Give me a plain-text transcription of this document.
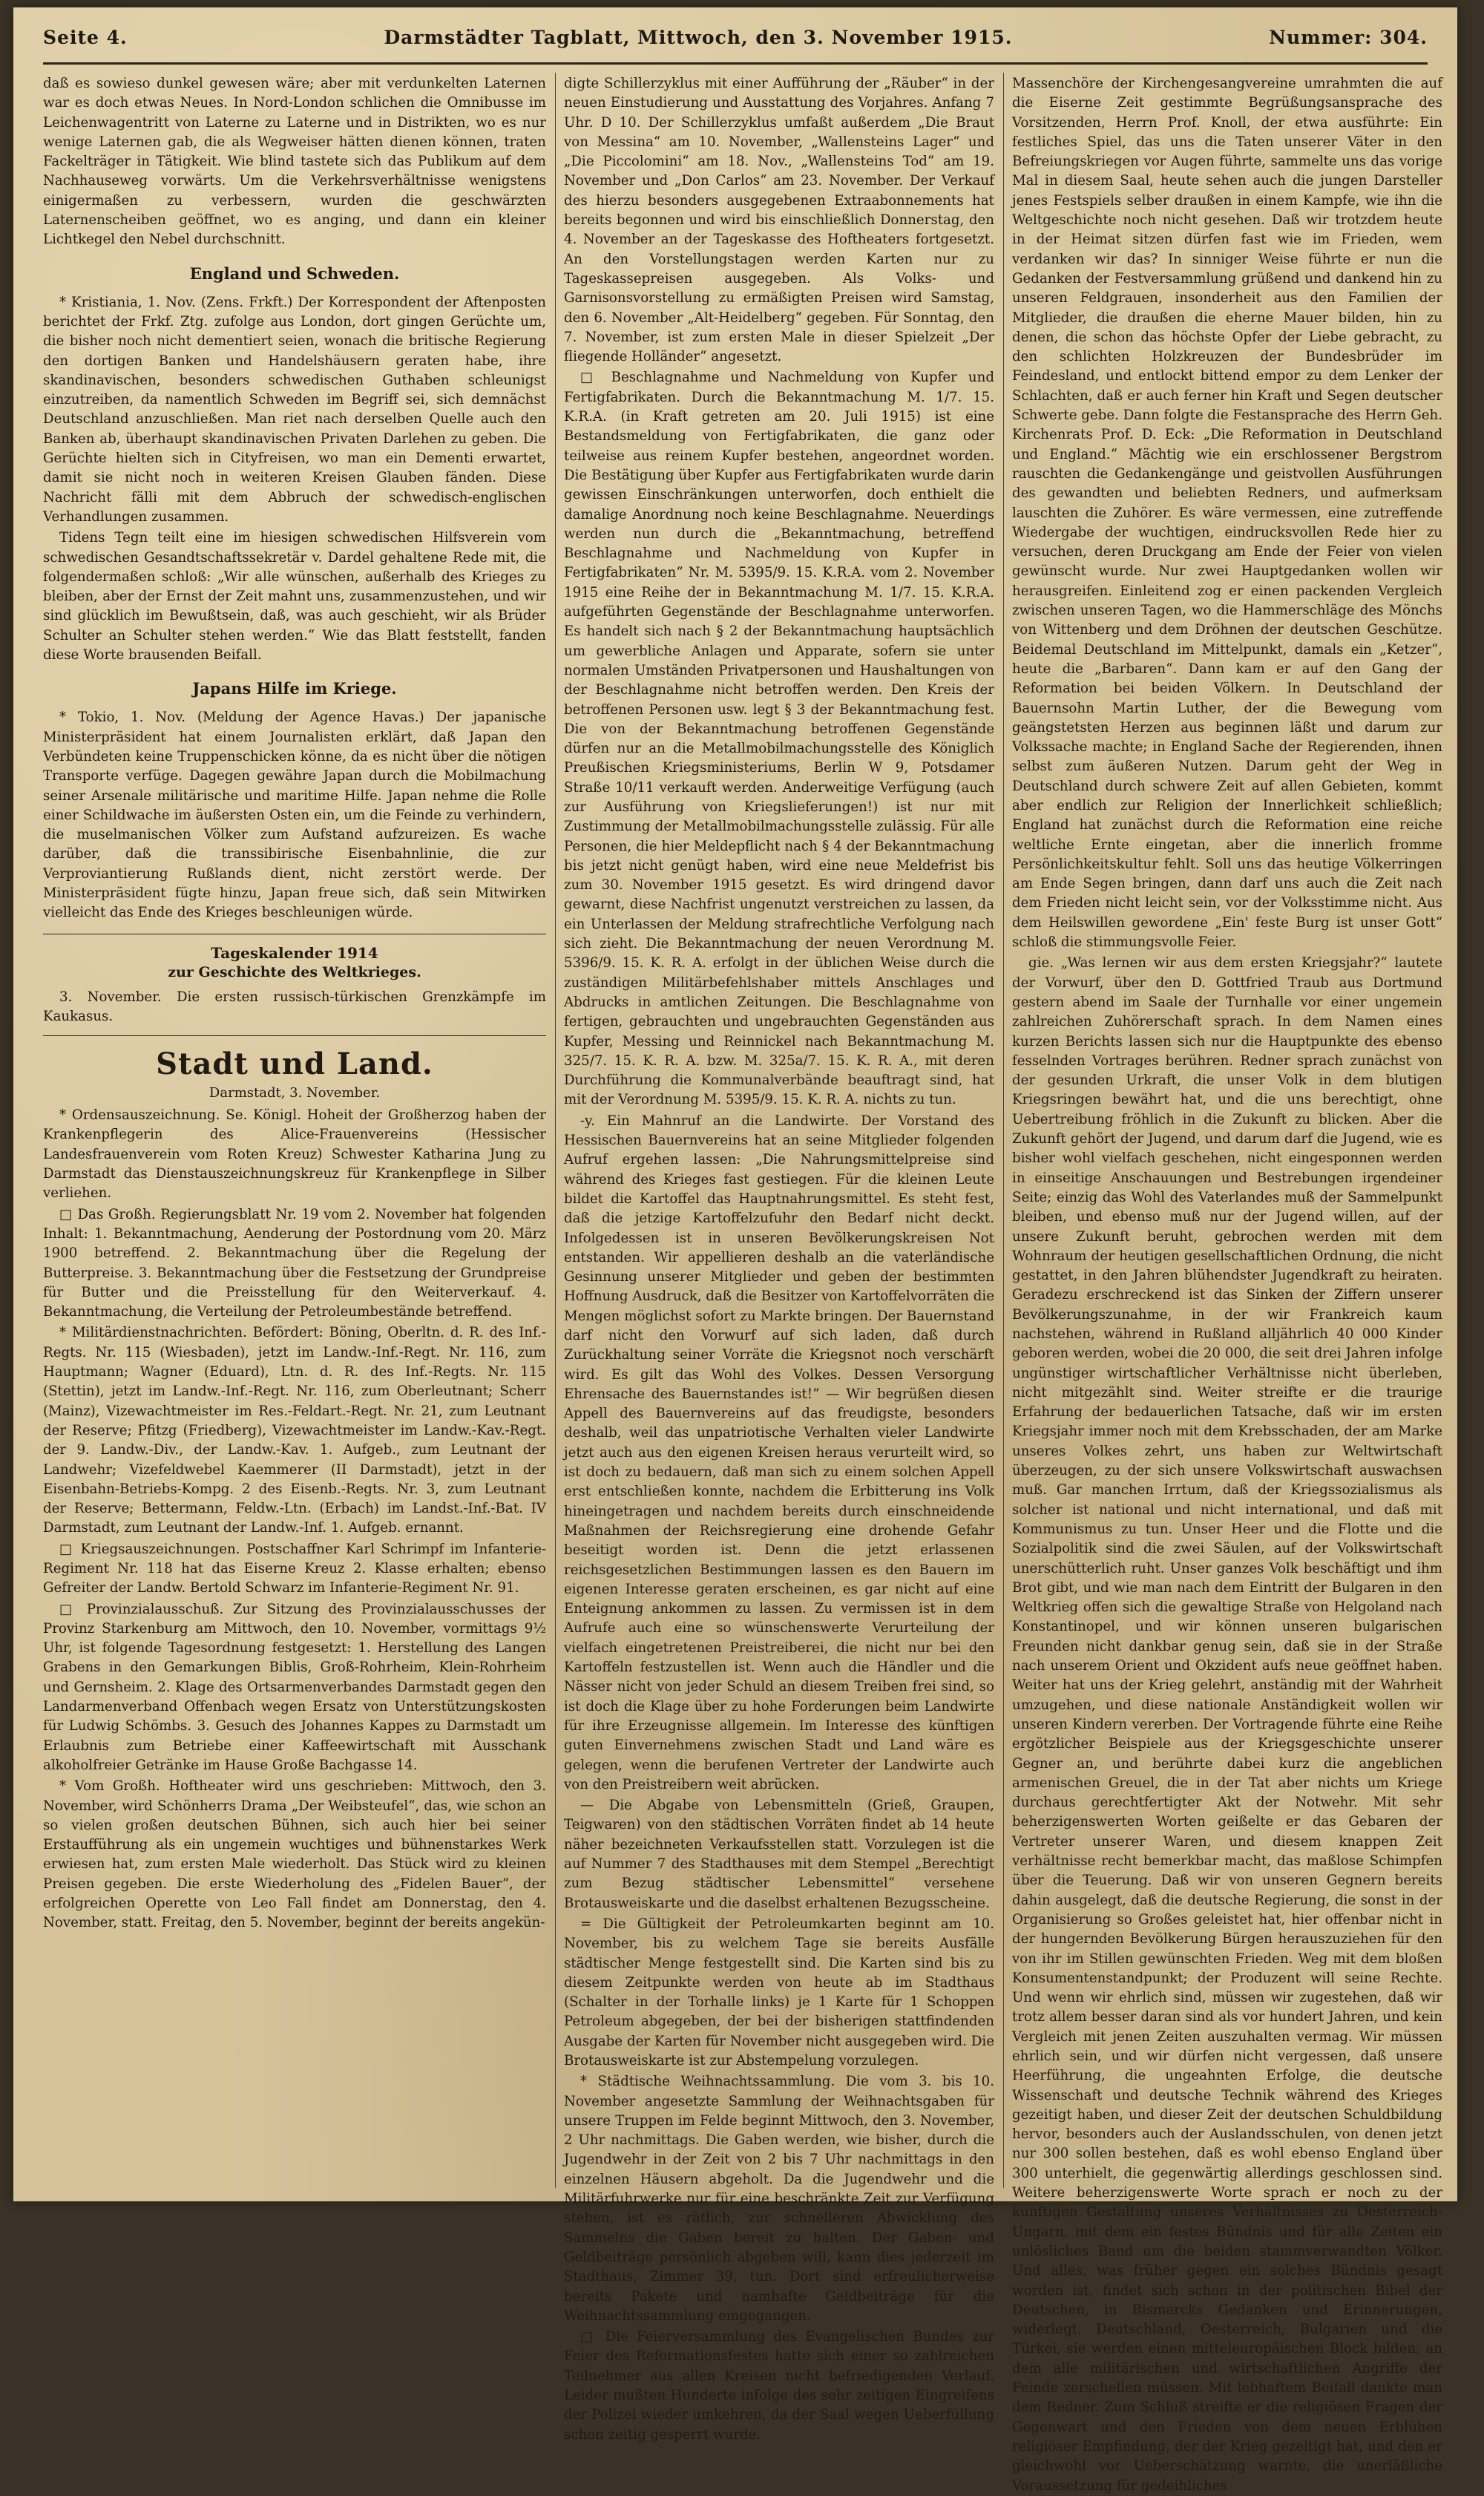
Seite 4.	Darmstädter Tagblatt, Mittwoch, den 3. November 1915.	Nummer: 304.

daß es sowieso dunkel gewesen wäre; aber mit verdunkelten Laternen war es doch etwas Neues. In Nord-London schlichen die Omnibusse im Leichenwagentritt von Laterne zu Laterne und in Distrikten, wo es nur wenige Laternen gab, die als Wegweiser hätten dienen können, traten Fackelträger in Tätigkeit. Wie blind tastete sich das Publikum auf dem Nachhauseweg vorwärts. Um die Verkehrsverhältnisse wenigstens einigermaßen zu verbessern, wurden die geschwärzten Laternenscheiben geöffnet, wo es anging, und dann ein kleiner Lichtkegel den Nebel durchschnitt.

England und Schweden.

* Kristiania, 1. Nov. (Zens. Frkft.) Der Korrespondent der Aftenposten berichtet der Frkf. Ztg. zufolge aus London, dort gingen Gerüchte um, die bisher noch nicht dementiert seien, wonach die britische Regierung den dortigen Banken und Handelshäusern geraten habe, ihre skandinavischen, besonders schwedischen Guthaben schleunigst einzutreiben, da namentlich Schweden im Begriff sei, sich demnächst Deutschland anzuschließen. Man riet nach derselben Quelle auch den Banken ab, überhaupt skandinavischen Privaten Darlehen zu geben. Die Gerüchte hielten sich in Cityfreisen, wo man ein Dementi erwartet, damit sie nicht noch in weiteren Kreisen Glauben fänden. Diese Nachricht fälli mit dem Abbruch der schwedisch-englischen Verhandlungen zusammen.

Tidens Tegn teilt eine im hiesigen schwedischen Hilfsverein vom schwedischen Gesandtschaftssekretär v. Dardel gehaltene Rede mit, die folgendermaßen schloß: „Wir alle wünschen, außerhalb des Krieges zu bleiben, aber der Ernst der Zeit mahnt uns, zusammenzustehen, und wir sind glücklich im Bewußtsein, daß, was auch geschieht, wir als Brüder Schulter an Schulter stehen werden.“ Wie das Blatt feststellt, fanden diese Worte brausenden Beifall.

Japans Hilfe im Kriege.

* Tokio, 1. Nov. (Meldung der Agence Havas.) Der japanische Ministerpräsident hat einem Journalisten erklärt, daß Japan den Verbündeten keine Truppenschicken könne, da es nicht über die nötigen Transporte verfüge. Dagegen gewähre Japan durch die Mobilmachung seiner Arsenale militärische und maritime Hilfe. Japan nehme die Rolle einer Schildwache im äußersten Osten ein, um die Feinde zu verhindern, die muselmanischen Völker zum Aufstand aufzureizen. Es wache darüber, daß die transsibirische Eisenbahnlinie, die zur Verproviantierung Rußlands dient, nicht zerstört werde. Der Ministerpräsident fügte hinzu, Japan freue sich, daß sein Mitwirken vielleicht das Ende des Krieges beschleunigen würde.

Tageskalender 1914
zur Geschichte des Weltkrieges.

3. November. Die ersten russisch-türkischen Grenzkämpfe im Kaukasus.

Stadt und Land.
Darmstadt, 3. November.

* Ordensauszeichnung. Se. Königl. Hoheit der Großherzog haben der Krankenpflegerin des Alice-Frauenvereins (Hessischer Landesfrauenverein vom Roten Kreuz) Schwester Katharina Jung zu Darmstadt das Dienstauszeichnungskreuz für Krankenpflege in Silber verliehen.

□ Das Großh. Regierungsblatt Nr. 19 vom 2. November hat folgenden Inhalt: 1. Bekanntmachung, Aenderung der Postordnung vom 20. März 1900 betreffend. 2. Bekanntmachung über die Regelung der Butterpreise. 3. Bekanntmachung über die Festsetzung der Grundpreise für Butter und die Preisstellung für den Weiterverkauf. 4. Bekanntmachung, die Verteilung der Petroleumbestände betreffend.

* Militärdienstnachrichten. Befördert: Böning, Oberltn. d. R. des Inf.-Regts. Nr. 115 (Wiesbaden), jetzt im Landw.-Inf.-Regt. Nr. 116, zum Hauptmann; Wagner (Eduard), Ltn. d. R. des Inf.-Regts. Nr. 115 (Stettin), jetzt im Landw.-Inf.-Regt. Nr. 116, zum Oberleutnant; Scherr (Mainz), Vizewachtmeister im Res.-Feldart.-Regt. Nr. 21, zum Leutnant der Reserve; Pfitzg (Friedberg), Vizewachtmeister im Landw.-Kav.-Regt. der 9. Landw.-Div., der Landw.-Kav. 1. Aufgeb., zum Leutnant der Landwehr; Vizefeldwebel Kaemmerer (II Darmstadt), jetzt in der Eisenbahn-Betriebs-Kompg. 2 des Eisenb.-Regts. Nr. 3, zum Leutnant der Reserve; Bettermann, Feldw.-Ltn. (Erbach) im Landst.-Inf.-Bat. IV Darmstadt, zum Leutnant der Landw.-Inf. 1. Aufgeb. ernannt.

□ Kriegsauszeichnungen. Postschaffner Karl Schrimpf im Infanterie-Regiment Nr. 118 hat das Eiserne Kreuz 2. Klasse erhalten; ebenso Gefreiter der Landw. Bertold Schwarz im Infanterie-Regiment Nr. 91.

□ Provinzialausschuß. Zur Sitzung des Provinzialausschusses der Provinz Starkenburg am Mittwoch, den 10. November, vormittags 9½ Uhr, ist folgende Tagesordnung festgesetzt: 1. Herstellung des Langen Grabens in den Gemarkungen Biblis, Groß-Rohrheim, Klein-Rohrheim und Gernsheim. 2. Klage des Ortsarmenverbandes Darmstadt gegen den Landarmenverband Offenbach wegen Ersatz von Unterstützungskosten für Ludwig Schömbs. 3. Gesuch des Johannes Kappes zu Darmstadt um Erlaubnis zum Betriebe einer Kaffeewirtschaft mit Ausschank alkoholfreier Getränke im Hause Große Bachgasse 14.

* Vom Großh. Hoftheater wird uns geschrieben: Mittwoch, den 3. November, wird Schönherrs Drama „Der Weibsteufel“, das, wie schon an so vielen großen deutschen Bühnen, sich auch hier bei seiner Erstaufführung als ein ungemein wuchtiges und bühnenstarkes Werk erwiesen hat, zum ersten Male wiederholt. Das Stück wird zu kleinen Preisen gegeben. Die erste Wiederholung des „Fidelen Bauer“, der erfolgreichen Operette von Leo Fall findet am Donnerstag, den 4. November, statt. Freitag, den 5. November, beginnt der bereits angekün-

digte Schillerzyklus mit einer Aufführung der „Räuber“ in der neuen Einstudierung und Ausstattung des Vorjahres. Anfang 7 Uhr. D 10. Der Schillerzyklus umfaßt außerdem „Die Braut von Messina“ am 10. November, „Wallensteins Lager“ und „Die Piccolomini“ am 18. Nov., „Wallensteins Tod“ am 19. November und „Don Carlos“ am 23. November. Der Verkauf des hierzu besonders ausgegebenen Extraabonnements hat bereits begonnen und wird bis einschließlich Donnerstag, den 4. November an der Tageskasse des Hoftheaters fortgesetzt. An den Vorstellungstagen werden Karten nur zu Tageskassepreisen ausgegeben. Als Volks- und Garnisonsvorstellung zu ermäßigten Preisen wird Samstag, den 6. November „Alt-Heidelberg“ gegeben. Für Sonntag, den 7. November, ist zum ersten Male in dieser Spielzeit „Der fliegende Holländer“ angesetzt.

□ Beschlagnahme und Nachmeldung von Kupfer und Fertigfabrikaten. Durch die Bekanntmachung M. 1/7. 15. K.R.A. (in Kraft getreten am 20. Juli 1915) ist eine Bestandsmeldung von Fertigfabrikaten, die ganz oder teilweise aus reinem Kupfer bestehen, angeordnet worden. Die Bestätigung über Kupfer aus Fertigfabrikaten wurde darin gewissen Einschränkungen unterworfen, doch enthielt die damalige Anordnung noch keine Beschlagnahme. Neuerdings werden nun durch die „Bekanntmachung, betreffend Beschlagnahme und Nachmeldung von Kupfer in Fertigfabrikaten“ Nr. M. 5395/9. 15. K.R.A. vom 2. November 1915 eine Reihe der in Bekanntmachung M. 1/7. 15. K.R.A. aufgeführten Gegenstände der Beschlagnahme unterworfen. Es handelt sich nach § 2 der Bekanntmachung hauptsächlich um gewerbliche Anlagen und Apparate, sofern sie unter normalen Umständen Privatpersonen und Haushaltungen von der Beschlagnahme nicht betroffen werden. Den Kreis der betroffenen Personen usw. legt § 3 der Bekanntmachung fest. Die von der Bekanntmachung betroffenen Gegenstände dürfen nur an die Metallmobilmachungsstelle des Königlich Preußischen Kriegsministeriums, Berlin W 9, Potsdamer Straße 10/11 verkauft werden. Anderweitige Verfügung (auch zur Ausführung von Kriegslieferungen!) ist nur mit Zustimmung der Metallmobilmachungsstelle zulässig. Für alle Personen, die hier Meldepflicht nach § 4 der Bekanntmachung bis jetzt nicht genügt haben, wird eine neue Meldefrist bis zum 30. November 1915 gesetzt. Es wird dringend davor gewarnt, diese Nachfrist ungenutzt verstreichen zu lassen, da ein Unterlassen der Meldung strafrechtliche Verfolgung nach sich zieht. Die Bekanntmachung der neuen Verordnung M. 5396/9. 15. K. R. A. erfolgt in der üblichen Weise durch die zuständigen Militärbefehlshaber mittels Anschlages und Abdrucks in amtlichen Zeitungen. Die Beschlagnahme von fertigen, gebrauchten und ungebrauchten Gegenständen aus Kupfer, Messing und Reinnickel nach Bekanntmachung M. 325/7. 15. K. R. A. bzw. M. 325a/7. 15. K. R. A., mit deren Durchführung die Kommunalverbände beauftragt sind, hat mit der Verordnung M. 5395/9. 15. K. R. A. nichts zu tun.

-y. Ein Mahnruf an die Landwirte. Der Vorstand des Hessischen Bauernvereins hat an seine Mitglieder folgenden Aufruf ergehen lassen: „Die Nahrungsmittelpreise sind während des Krieges fast gestiegen. Für die kleinen Leute bildet die Kartoffel das Hauptnahrungsmittel. Es steht fest, daß die jetzige Kartoffelzufuhr den Bedarf nicht deckt. Infolgedessen ist in unseren Bevölkerungskreisen Not entstanden. Wir appellieren deshalb an die vaterländische Gesinnung unserer Mitglieder und geben der bestimmten Hoffnung Ausdruck, daß die Besitzer von Kartoffelvorräten die Mengen möglichst sofort zu Markte bringen. Der Bauernstand darf nicht den Vorwurf auf sich laden, daß durch Zurückhaltung seiner Vorräte die Kriegsnot noch verschärft wird. Es gilt das Wohl des Volkes. Dessen Versorgung Ehrensache des Bauernstandes ist!“ — Wir begrüßen diesen Appell des Bauernvereins auf das freudigste, besonders deshalb, weil das unpatriotische Verhalten vieler Landwirte jetzt auch aus den eigenen Kreisen heraus verurteilt wird, so ist doch zu bedauern, daß man sich zu einem solchen Appell erst entschließen konnte, nachdem die Erbitterung ins Volk hineingetragen und nachdem bereits durch einschneidende Maßnahmen der Reichsregierung eine drohende Gefahr beseitigt worden ist. Denn die jetzt erlassenen reichsgesetzlichen Bestimmungen lassen es den Bauern im eigenen Interesse geraten erscheinen, es gar nicht auf eine Enteignung ankommen zu lassen. Zu vermissen ist in dem Aufrufe auch eine so wünschenswerte Verurteilung der vielfach eingetretenen Preistreiberei, die nicht nur bei den Kartoffeln festzustellen ist. Wenn auch die Händler und die Nässer nicht von jeder Schuld an diesem Treiben frei sind, so ist doch die Klage über zu hohe Forderungen beim Landwirte für ihre Erzeugnisse allgemein. Im Interesse des künftigen guten Einvernehmens zwischen Stadt und Land wäre es gelegen, wenn die berufenen Vertreter der Landwirte auch von den Preistreibern weit abrücken.

— Die Abgabe von Lebensmitteln (Grieß, Graupen, Teigwaren) von den städtischen Vorräten findet ab 14 heute näher bezeichneten Verkaufsstellen statt. Vorzulegen ist die auf Nummer 7 des Stadthauses mit dem Stempel „Berechtigt zum Bezug städtischer Lebensmittel“ versehene Brotausweiskarte und die daselbst erhaltenen Bezugsscheine.

= Die Gültigkeit der Petroleumkarten beginnt am 10. November, bis zu welchem Tage sie bereits Ausfälle städtischer Menge festgestellt sind. Die Karten sind bis zu diesem Zeitpunkte werden von heute ab im Stadthaus (Schalter in der Torhalle links) je 1 Karte für 1 Schoppen Petroleum abgegeben, der bei der bisherigen stattfindenden Ausgabe der Karten für November nicht ausgegeben wird. Die Brotausweiskarte ist zur Abstempelung vorzulegen.

* Städtische Weihnachtssammlung. Die vom 3. bis 10. November angesetzte Sammlung der Weihnachtsgaben für unsere Truppen im Felde beginnt Mittwoch, den 3. November, 2 Uhr nachmittags. Die Gaben werden, wie bisher, durch die Jugendwehr in der Zeit von 2 bis 7 Uhr nachmittags in den einzelnen Häusern abgeholt. Da die Jugendwehr und die Militärfuhrwerke nur für eine beschränkte Zeit zur Verfügung stehen, ist es rätlich, zur schnelleren Abwicklung des Sammelns die Gaben bereit zu halten. Der Gaben- und Geldbeiträge persönlich abgeben will, kann dies jederzeit im Stadthaus, Zimmer 39, tun. Dort sind erfreulicherweise bereits Pakete und namhafte Geldbeiträge für die Weihnachtssammlung eingegangen.

□ Die Feierversammlung des Evangelischen Bundes zur Feier des Reformationsfestes hatte sich einer so zahlreichen Teilnehmer aus allen Kreisen nicht befriedigenden Verlauf. Leider mußten Hunderte infolge des sehr zeitigen Eingreifens der Polizei wieder umkehren, da der Saal wegen Ueberfüllung schon zeitig gesperrt wurde.

Massenchöre der Kirchengesangvereine umrahmten die auf die Eiserne Zeit gestimmte Begrüßungsansprache des Vorsitzenden, Herrn Prof. Knoll, der etwa ausführte: Ein festliches Spiel, das uns die Taten unserer Väter in den Befreiungskriegen vor Augen führte, sammelte uns das vorige Mal in diesem Saal, heute sehen auch die jungen Darsteller jenes Festspiels selber draußen in einem Kampfe, wie ihn die Weltgeschichte noch nicht gesehen. Daß wir trotzdem heute in der Heimat sitzen dürfen fast wie im Frieden, wem verdanken wir das? In sinniger Weise führte er nun die Gedanken der Festversammlung grüßend und dankend hin zu unseren Feldgrauen, insonderheit aus den Familien der Mitglieder, die draußen die eherne Mauer bilden, hin zu denen, die schon das höchste Opfer der Liebe gebracht, zu den schlichten Holzkreuzen der Bundesbrüder im Feindesland, und entlockt bittend empor zu dem Lenker der Schlachten, daß er auch ferner hin Kraft und Segen deutscher Schwerte gebe. Dann folgte die Festansprache des Herrn Geh. Kirchenrats Prof. D. Eck: „Die Reformation in Deutschland und England.“ Mächtig wie ein erschlossener Bergstrom rauschten die Gedankengänge und geistvollen Ausführungen des gewandten und beliebten Redners, und aufmerksam lauschten die Zuhörer. Es wäre vermessen, eine zutreffende Wiedergabe der wuchtigen, eindrucksvollen Rede hier zu versuchen, deren Druckgang am Ende der Feier von vielen gewünscht wurde. Nur zwei Hauptgedanken wollen wir herausgreifen. Einleitend zog er einen packenden Vergleich zwischen unseren Tagen, wo die Hammerschläge des Mönchs von Wittenberg und dem Dröhnen der deutschen Geschütze. Beidemal Deutschland im Mittelpunkt, damals ein „Ketzer“, heute die „Barbaren“. Dann kam er auf den Gang der Reformation bei beiden Völkern. In Deutschland der Bauernsohn Martin Luther, der die Bewegung vom geängstetsten Herzen aus beginnen läßt und darum zur Volkssache machte; in England Sache der Regierenden, ihnen selbst zum äußeren Nutzen. Darum geht der Weg in Deutschland durch schwere Zeit auf allen Gebieten, kommt aber endlich zur Religion der Innerlichkeit schließlich; England hat zunächst durch die Reformation eine reiche weltliche Ernte eingetan, aber die innerlich fromme Persönlichkeitskultur fehlt. Soll uns das heutige Völkerringen am Ende Segen bringen, dann darf uns auch die Zeit nach dem Frieden nicht leicht sein, vor der Volksstimme nicht. Aus dem Heilswillen gewordene „Ein' feste Burg ist unser Gott“ schloß die stimmungsvolle Feier.

gie. „Was lernen wir aus dem ersten Kriegsjahr?“ lautete der Vorwurf, über den D. Gottfried Traub aus Dortmund gestern abend im Saale der Turnhalle vor einer ungemein zahlreichen Zuhörerschaft sprach. In dem Namen eines kurzen Berichts lassen sich nur die Hauptpunkte des ebenso fesselnden Vortrages berühren. Redner sprach zunächst von der gesunden Urkraft, die unser Volk in dem blutigen Kriegsringen bewährt hat, und die uns berechtigt, ohne Uebertreibung fröhlich in die Zukunft zu blicken. Aber die Zukunft gehört der Jugend, und darum darf die Jugend, wie es bisher wohl vielfach geschehen, nicht eingesponnen werden in einseitige Anschauungen und Bestrebungen irgendeiner Seite; einzig das Wohl des Vaterlandes muß der Sammelpunkt bleiben, und ebenso muß nur der Jugend willen, auf der unsere Zukunft beruht, gebrochen werden mit dem Wohnraum der heutigen gesellschaftlichen Ordnung, die nicht gestattet, in den Jahren blühendster Jugendkraft zu heiraten. Geradezu erschreckend ist das Sinken der Ziffern unserer Bevölkerungszunahme, in der wir Frankreich kaum nachstehen, während in Rußland alljährlich 40 000 Kinder geboren werden, wobei die 20 000, die seit drei Jahren infolge ungünstiger wirtschaftlicher Verhältnisse nicht überleben, nicht mitgezählt sind. Weiter streifte er die traurige Erfahrung der bedauerlichen Tatsache, daß wir im ersten Kriegsjahr immer noch mit dem Krebsschaden, der am Marke unseres Volkes zehrt, uns haben zur Weltwirtschaft überzeugen, zu der sich unsere Volkswirtschaft auswachsen muß. Gar manchen Irrtum, daß der Kriegssozialismus als solcher ist national und nicht international, und daß mit Kommunismus zu tun. Unser Heer und die Flotte und die Sozialpolitik sind die zwei Säulen, auf der Volkswirtschaft unerschütterlich ruht. Unser ganzes Volk beschäftigt und ihm Brot gibt, und wie man nach dem Eintritt der Bulgaren in den Weltkrieg offen sich die gewaltige Straße von Helgoland nach Konstantinopel, und wir können unseren bulgarischen Freunden nicht dankbar genug sein, daß sie in der Straße nach unserem Orient und Okzident aufs neue geöffnet haben. Weiter hat uns der Krieg gelehrt, anständig mit der Wahrheit umzugehen, und diese nationale Anständigkeit wollen wir unseren Kindern vererben. Der Vortragende führte eine Reihe ergötzlicher Beispiele aus der Kriegsgeschichte unserer Gegner an, und berührte dabei kurz die angeblichen armenischen Greuel, die in der Tat aber nichts um Kriege durchaus gerechtfertigter Akt der Notwehr. Mit sehr beherzigenswerten Worten geißelte er das Gebaren der Vertreter unserer Waren, und diesem knappen Zeit verhältnisse recht bemerkbar macht, das maßlose Schimpfen über die Teuerung. Daß wir von unseren Gegnern bereits dahin ausgelegt, daß die deutsche Regierung, die sonst in der Organisierung so Großes geleistet hat, hier offenbar nicht in der hungernden Bevölkerung Bürgen herauszuziehen für den von ihr im Stillen gewünschten Frieden. Weg mit dem bloßen Konsumentenstandpunkt; der Produzent will seine Rechte. Und wenn wir ehrlich sind, müssen wir zugestehen, daß wir trotz allem besser daran sind als vor hundert Jahren, und kein Vergleich mit jenen Zeiten auszuhalten vermag. Wir müssen ehrlich sein, und wir dürfen nicht vergessen, daß unsere Heerführung, die ungeahnten Erfolge, die deutsche Wissenschaft und deutsche Technik während des Krieges gezeitigt haben, und dieser Zeit der deutschen Schuldbildung hervor, besonders auch der Auslandsschulen, von denen jetzt nur 300 sollen bestehen, daß es wohl ebenso England über 300 unterhielt, die gegenwärtig allerdings geschlossen sind. Weitere beherzigenswerte Worte sprach er noch zu der künftigen Gestaltung unseres Verhältnisses zu Oesterreich-Ungarn, mit dem ein festes Bündnis und für alle Zeiten ein unlösliches Band um die beiden stammverwandten Völker. Und alles, was früher gegen ein solches Bündnis gesagt worden ist, findet sich schon in der politischen Bibel der Deutschen, in Bismarcks Gedanken und Erinnerungen, widerlegt. Deutschland, Oesterreich, Bulgarien und die Türkei, sie werden einen mitteleuropäischen Block bilden, an dem alle militärischen und wirtschaftlichen Angriffe der Feinde zerschellen müssen. Mit lebhaftem Beifall dankte man dem Redner. Zum Schluß streifte er die religiösen Fragen der Gegenwart und den Frieden von dem neuen Erblühen religiöser Empfindung, der der Krieg gezeitigt hat, und den er gleichwohl vor Ueberschätzung warnte, die unerläßliche Voraussetzung für gedeihliches
